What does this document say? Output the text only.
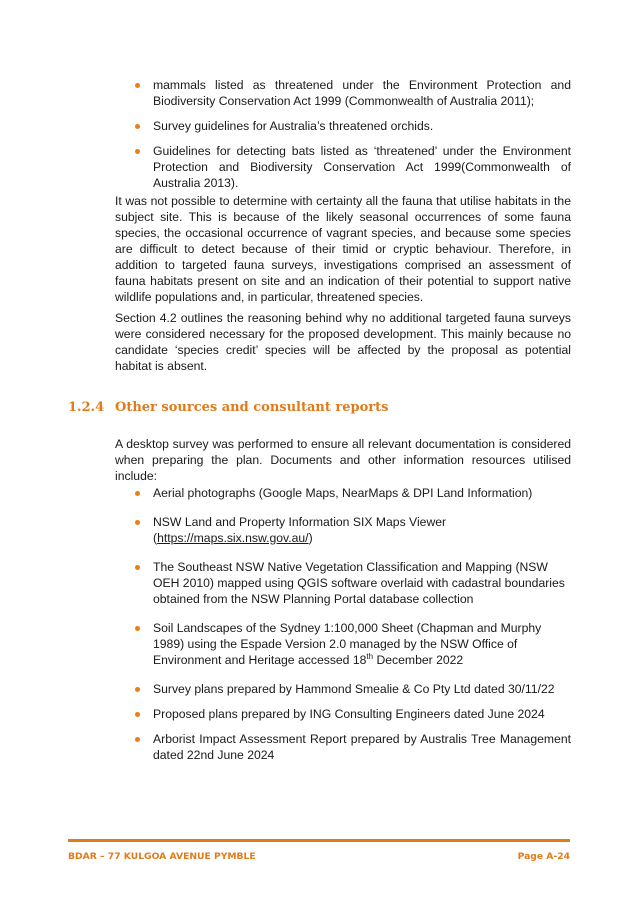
mammals listed as threatened under the Environment Protection and Biodiversity Conservation Act 1999 (Commonwealth of Australia 2011);
Survey guidelines for Australia’s threatened orchids.
Guidelines for detecting bats listed as ‘threatened’ under the Environment Protection and Biodiversity Conservation Act 1999(Commonwealth of Australia 2013).

It was not possible to determine with certainty all the fauna that utilise habitats in the subject site. This is because of the likely seasonal occurrences of some fauna species, the occasional occurrence of vagrant species, and because some species are difficult to detect because of their timid or cryptic behaviour. Therefore, in addition to targeted fauna surveys, investigations comprised an assessment of fauna habitats present on site and an indication of their potential to support native wildlife populations and, in particular, threatened species.

Section 4.2 outlines the reasoning behind why no additional targeted fauna surveys were considered necessary for the proposed development. This mainly because no candidate ‘species credit’ species will be affected by the proposal as potential habitat is absent.

1.2.4 Other sources and consultant reports

A desktop survey was performed to ensure all relevant documentation is considered when preparing the plan. Documents and other information resources utilised include:

Aerial photographs (Google Maps, NearMaps & DPI Land Information)
NSW Land and Property Information SIX Maps Viewer
(https://maps.six.nsw.gov.au/)
The Southeast NSW Native Vegetation Classification and Mapping (NSW OEH 2010) mapped using QGIS software overlaid with cadastral boundaries obtained from the NSW Planning Portal database collection
Soil Landscapes of the Sydney 1:100,000 Sheet (Chapman and Murphy 1989) using the Espade Version 2.0 managed by the NSW Office of Environment and Heritage accessed 18th December 2022
Survey plans prepared by Hammond Smealie & Co Pty Ltd dated 30/11/22
Proposed plans prepared by ING Consulting Engineers dated June 2024
Arborist Impact Assessment Report prepared by Australis Tree Management dated 22nd June 2024
BDAR – 77 KULGOA AVENUE PYMBLE	Page A-24
